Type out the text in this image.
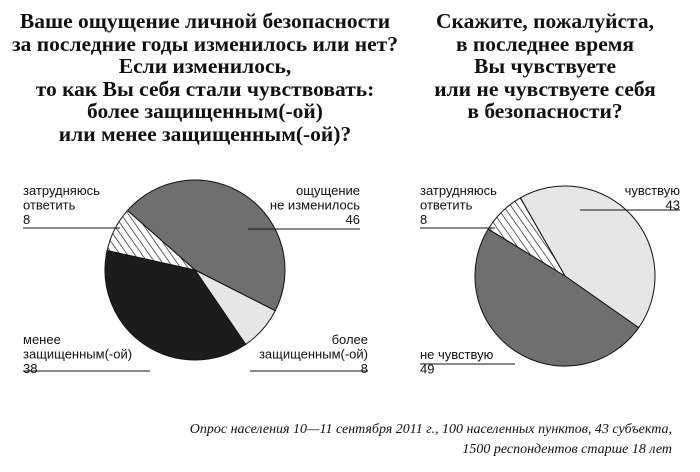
Ваше ощущение личной безопасности
за последние годы изменилось или нет?
Если изменилось,
то как Вы себя стали чувствовать:
более защищенным(-ой)
или менее защищенным(-ой)?
Скажите, пожалуйста,
в последнее время
Вы чувствуете
или не чувствуете себя
в безопасности?
ощущение не изменилось 46
более защищенным(-ой) 8
менее защищенным(-ой) 38
затрудняюсь ответить 8
чувствую 43
не чувствую 49
затрудняюсь ответить 8
Опрос населения 10—11 сентября 2011 г., 100 населенных пунктов, 43 субъекта,
1500 респондентов старше 18 лет
